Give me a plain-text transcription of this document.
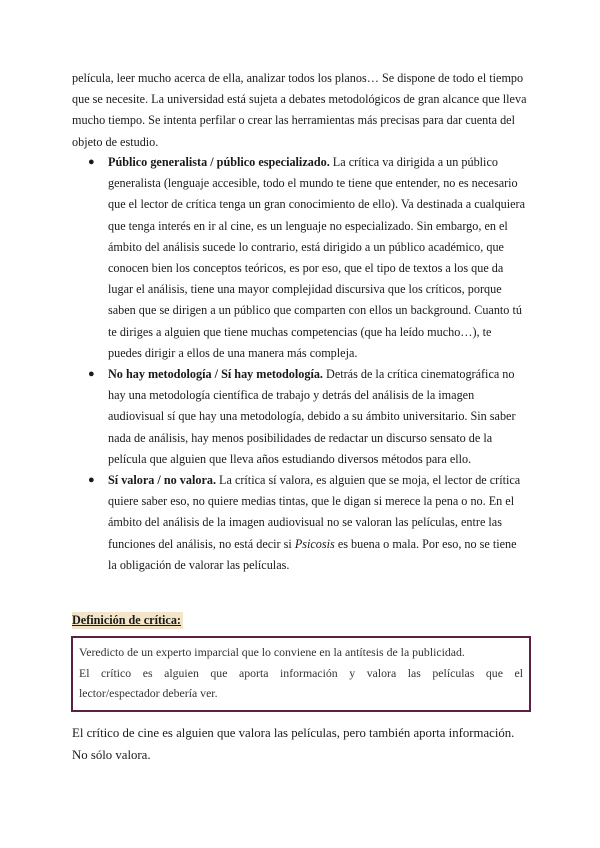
película, leer mucho acerca de ella, analizar todos los planos… Se dispone de todo el tiempo que se necesite. La universidad está sujeta a debates metodológicos de gran alcance que lleva mucho tiempo. Se intenta perfilar o crear las herramientas más precisas para dar cuenta del objeto de estudio.

● Público generalista / público especializado. La crítica va dirigida a un público generalista (lenguaje accesible, todo el mundo te tiene que entender, no es necesario que el lector de crítica tenga un gran conocimiento de ello). Va destinada a cualquiera que tenga interés en ir al cine, es un lenguaje no especializado. Sin embargo, en el ámbito del análisis sucede lo contrario, está dirigido a un público académico, que conocen bien los conceptos teóricos, es por eso, que el tipo de textos a los que da lugar el análisis, tiene una mayor complejidad discursiva que los críticos, porque saben que se dirigen a un público que comparten con ellos un background. Cuanto tú te diriges a alguien que tiene muchas competencias (que ha leído mucho…), te puedes dirigir a ellos de una manera más compleja.
● No hay metodología / Sí hay metodología. Detrás de la crítica cinematográfica no hay una metodología científica de trabajo y detrás del análisis de la imagen audiovisual sí que hay una metodología, debido a su ámbito universitario. Sin saber nada de análisis, hay menos posibilidades de redactar un discurso sensato de la película que alguien que lleva años estudiando diversos métodos para ello.
● Sí valora / no valora. La crítica sí valora, es alguien que se moja, el lector de crítica quiere saber eso, no quiere medias tintas, que le digan si merece la pena o no. En el ámbito del análisis de la imagen audiovisual no se valoran las películas, entre las funciones del análisis, no está decir si Psicosis es buena o mala. Por eso, no se tiene la obligación de valorar las películas.

Definición de crítica:

Veredicto de un experto imparcial que lo conviene en la antítesis de la publicidad.

El crítico es alguien que aporta información y valora las películas que el

lector/espectador debería ver.

El crítico de cine es alguien que valora las películas, pero también aporta información. No sólo valora.
